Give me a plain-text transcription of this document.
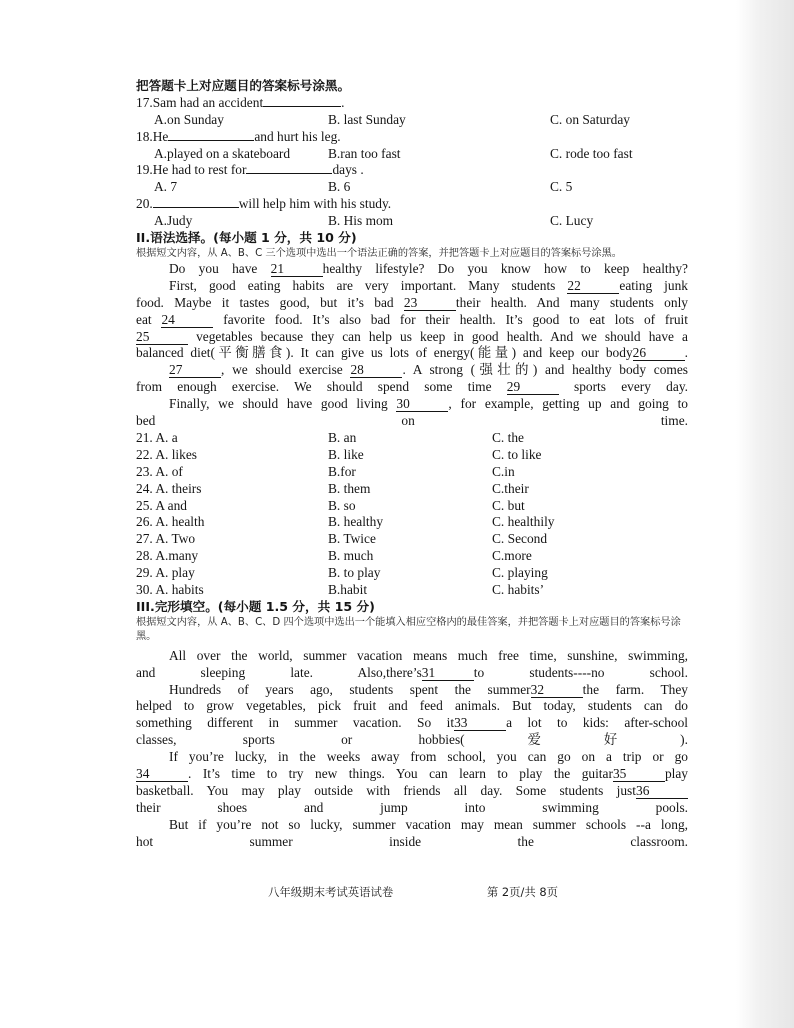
把答题卡上对应题目的答案标号涂黑。
17.Sam had an accident	.
A.on Sunday	B. last Sunday	C. on Saturday
18.He	and hurt his leg.
A.played on a skateboard	B.ran too fast	C. rode too fast
19.He had to rest for	days .
A. 7	B. 6	C. 5
20.	will help him with his study.
A.Judy	B. His mom	C. Lucy
II.语法选择。(每小题 1 分，共 10 分)
根据短文内容，从 A、B、C 三个选项中选出一个语法正确的答案，并把答题卡上对应题目的答案标号涂黑。
Do you have 21	healthy lifestyle? Do you know how to keep healthy?
First, good eating habits are very important. Many students 22	eating junk
food. Maybe it tastes good, but it’s bad 23	their health. And many students only
eat 24	favorite food. It’s also bad for their health. It’s good to eat lots of fruit
25	vegetables because they can help us keep in good health. And we should have a
balanced diet(平衡膳食). It can give us lots of energy(能量) and keep our body26	.
27	, we should exercise 28	. A strong (强壮的) and healthy body comes
from enough exercise. We should spend some time 29	sports every day.
Finally, we should have good living 30	, for example, getting up and going to
bed on time.
21. A. a	B. an	C. the
22. A. likes	B. like	C. to like
23. A. of	B.for	C.in
24. A. theirs	B. them	C.their
25. A and	B. so	C. but
26. A. health	B. healthy	C. healthily
27. A. Two	B. Twice	C. Second
28. A.many	B. much	C.more
29. A. play	B. to play	C. playing
30. A. habits	B.habit	C. habits’
III.完形填空。(每小题 1.5 分，共 15 分)
根据短文内容，从 A、B、C、D 四个选项中选出一个能填入相应空格内的最佳答案，并把答题卡上对应题目的答案标号涂黑。
All over the world, summer vacation means much free time, sunshine, swimming,
and sleeping late. Also,there’s31	to students----no school.
Hundreds of years ago, students spent the summer32	the farm. They
helped to grow vegetables, pick fruit and feed animals. But today, students can do
something different in summer vacation. So it33	a lot to kids: after-school
classes, sports or hobbies(爱好).
If you’re lucky, in the weeks away from school, you can go on a trip or go
34	. It’s time to try new things. You can learn to play the guitar35	play
basketball. You may play outside with friends all day. Some students just36
their shoes and jump into swimming pools.
But if you’re not so lucky, summer vacation may mean summer schools --a long,
hot summer inside the classroom.
八年级期末考试英语试卷	第 2页/共 8页
